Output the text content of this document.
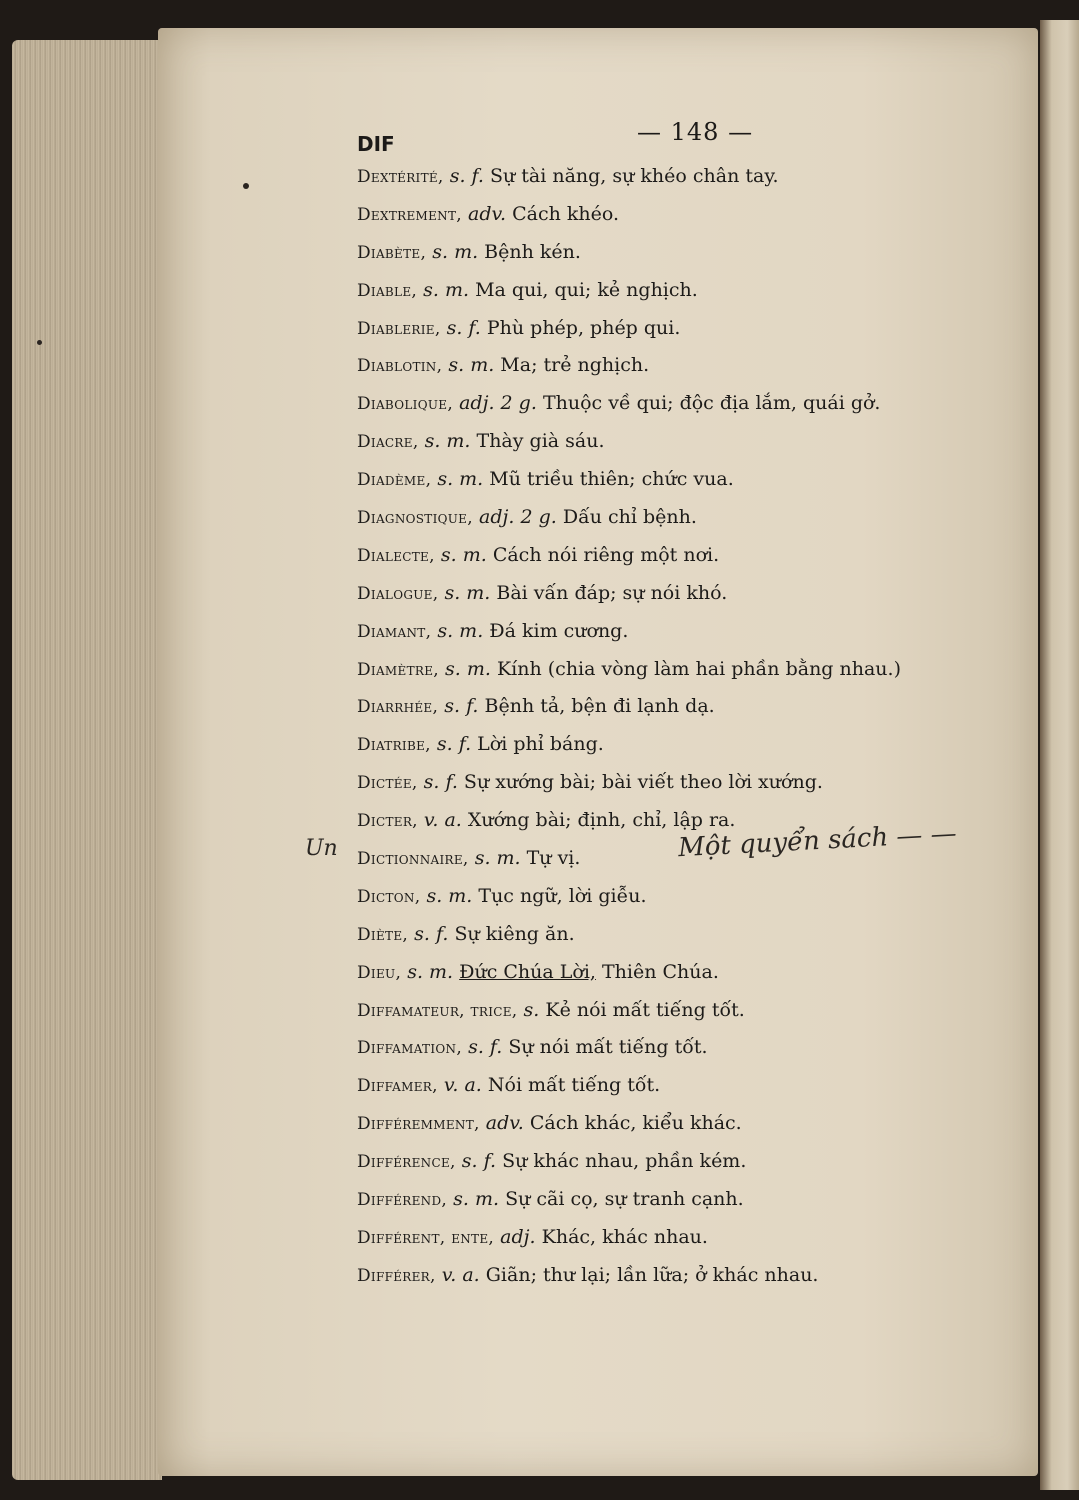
DIF	— 148 —
Dextérité, s. f. Sự tài năng, sự khéo chân tay.
Dextrement, adv. Cách khéo.
Diabète, s. m. Bệnh kén.
Diable, s. m. Ma qui, qui; kẻ nghịch.
Diablerie, s. f. Phù phép, phép qui.
Diablotin, s. m. Ma; trẻ nghịch.
Diabolique, adj. 2 g. Thuộc về qui; độc địa lắm, quái gở.
Diacre, s. m. Thày già sáu.
Diadème, s. m. Mũ triều thiên; chức vua.
Diagnostique, adj. 2 g. Dấu chỉ bệnh.
Dialecte, s. m. Cách nói riêng một nơi.
Dialogue, s. m. Bài vấn đáp; sự nói khó.
Diamant, s. m. Đá kim cương.
Diamètre, s. m. Kính (chia vòng làm hai phần bằng nhau.)
Diarrhée, s. f. Bệnh tả, bện đi lạnh dạ.
Diatribe, s. f. Lời phỉ báng.
Dictée, s. f. Sự xướng bài; bài viết theo lời xướng.
Dicter, v. a. Xướng bài; định, chỉ, lập ra.
Dictionnaire, s. m. Tự vị.
Dicton, s. m. Tục ngữ, lời giễu.
Diète, s. f. Sự kiêng ăn.
Dieu, s. m. Đức Chúa Lời, Thiên Chúa.
Diffamateur, trice, s. Kẻ nói mất tiếng tốt.
Diffamation, s. f. Sự nói mất tiếng tốt.
Diffamer, v. a. Nói mất tiếng tốt.
Différemment, adv. Cách khác, kiểu khác.
Différence, s. f. Sự khác nhau, phần kém.
Différend, s. m. Sự cãi cọ, sự tranh cạnh.
Différent, ente, adj. Khác, khác nhau.
Différer, v. a. Giãn; thư lại; lần lữa; ở khác nhau.
Un	Một quyển sách — —
